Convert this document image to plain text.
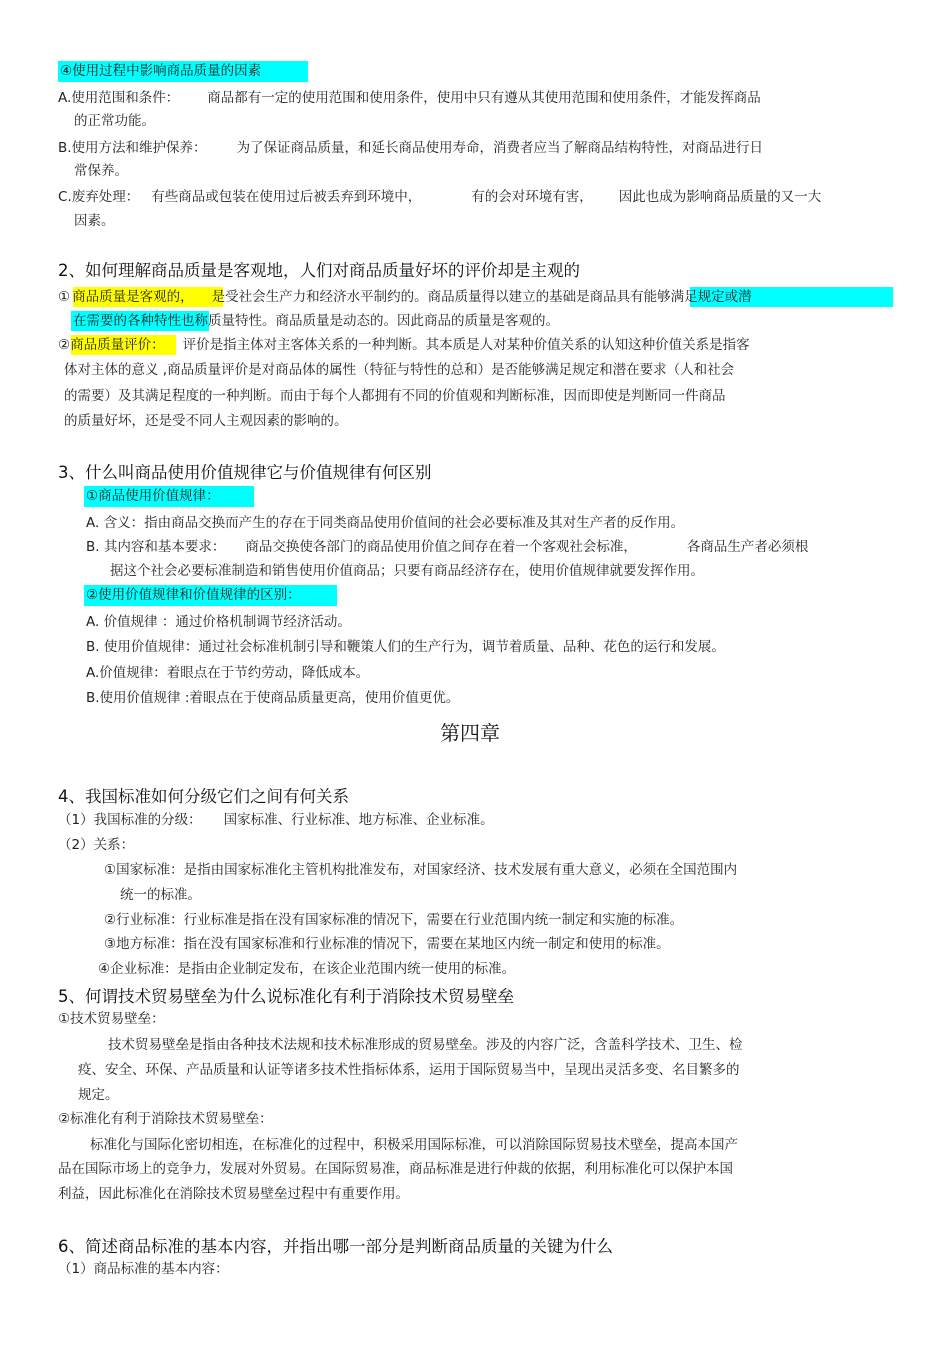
④使用过程中影响商品质量的因素
A.使用范围和条件： 商品都有一定的使用范围和使用条件，使用中只有遵从其使用范围和使用条件，才能发挥商品
的正常功能。
B.使用方法和维护保养： 为了保证商品质量，和延长商品使用寿命，消费者应当了解商品结构特性，对商品进行日
常保养。
C.废弃处理： 有些商品或包装在使用过后被丢弃到环境中，	有的会对环境有害， 因此也成为影响商品质量的又一大
因素。
2、如何理解商品质量是客观地，人们对商品质量好坏的评价却是主观的
① 商品质量是客观的， 是受社会生产力和经济水平制约的。商品质量得以建立的基础是商品具有能够满足规定或潜
在需要的各种特性也称质量特性。商品质量是动态的。因此商品的质量是客观的。
②商品质量评价： 评价是指主体对主客体关系的一种判断。其本质是人对某种价值关系的认知这种价值关系是指客
体对主体的意义 ,商品质量评价是对商品体的属性（特征与特性的总和）是否能够满足规定和潜在要求（人和社会
的需要）及其满足程度的一种判断。而由于每个人都拥有不同的价值观和判断标准，因而即使是判断同一件商品
的质量好坏，还是受不同人主观因素的影响的。
3、什么叫商品使用价值规律它与价值规律有何区别
①商品使用价值规律：
A. 含义：指由商品交换而产生的存在于同类商品使用价值间的社会必要标准及其对生产者的反作用。
B. 其内容和基本要求： 商品交换使各部门的商品使用价值之间存在着一个客观社会标准，	各商品生产者必须根
据这个社会必要标准制造和销售使用价值商品；只要有商品经济存在，使用价值规律就要发挥作用。
②使用价值规律和价值规律的区别：
A. 价值规律 ：通过价格机制调节经济活动。
B. 使用价值规律：通过社会标准机制引导和鞭策人们的生产行为，调节着质量、品种、花色的运行和发展。
A.价值规律：着眼点在于节约劳动，降低成本。
B.使用价值规律 :着眼点在于使商品质量更高，使用价值更优。
第四章
4、我国标准如何分级它们之间有何关系
（1）我国标准的分级： 国家标准、行业标准、地方标准、企业标准。
（2）关系：
①国家标准：是指由国家标准化主管机构批准发布，对国家经济、技术发展有重大意义，必须在全国范围内
统一的标准。
②行业标准：行业标准是指在没有国家标准的情况下，需要在行业范围内统一制定和实施的标准。
③地方标准：指在没有国家标准和行业标准的情况下，需要在某地区内统一制定和使用的标准。
④企业标准：是指由企业制定发布，在该企业范围内统一使用的标准。
5、何谓技术贸易壁垒为什么说标准化有利于消除技术贸易壁垒
①技术贸易壁垒：
技术贸易壁垒是指由各种技术法规和技术标准形成的贸易壁垒。涉及的内容广泛，含盖科学技术、卫生、检
疫、安全、环保、产品质量和认证等诸多技术性指标体系，运用于国际贸易当中，呈现出灵活多变、名目繁多的
规定。
②标准化有利于消除技术贸易壁垒：
标准化与国际化密切相连，在标准化的过程中，积极采用国际标准，可以消除国际贸易技术壁垒，提高本国产
品在国际市场上的竞争力，发展对外贸易。在国际贸易准，商品标准是进行仲裁的依据，利用标准化可以保护本国
利益，因此标准化在消除技术贸易壁垒过程中有重要作用。
6、简述商品标准的基本内容，并指出哪一部分是判断商品质量的关键为什么
（1）商品标准的基本内容：
